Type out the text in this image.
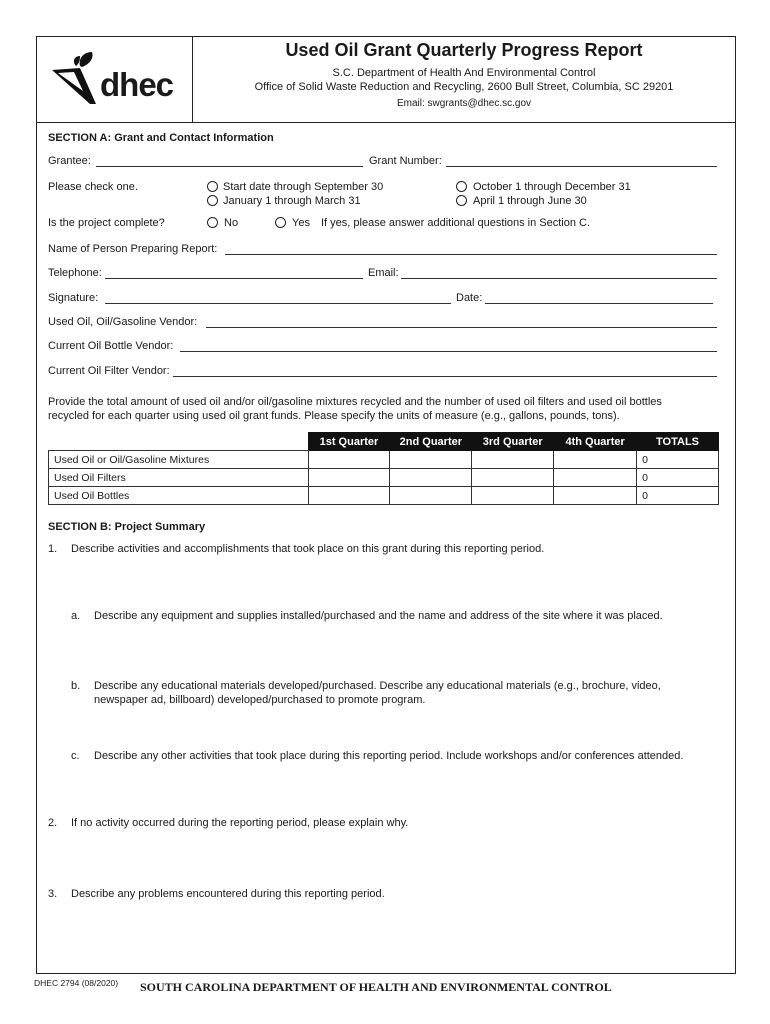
dhec
Used Oil Grant Quarterly Progress Report
S.C. Department of Health And Environmental Control
Office of Solid Waste Reduction and Recycling, 2600 Bull Street, Columbia, SC 29201
Email: swgrants@dhec.sc.gov
SECTION A: Grant and Contact Information
Grantee:	Grant Number:
Please check one.	Start date through September 30
January 1 through March 31
October 1 through December 31
April 1 through June 30
Is the project complete?	No	Yes If yes, please answer additional questions in Section C.
Name of Person Preparing Report:
Telephone:	Email:
Signature:	Date:
Used Oil, Oil/Gasoline Vendor:
Current Oil Bottle Vendor:
Current Oil Filter Vendor:
Provide the total amount of used oil and/or oil/gasoline mixtures recycled and the number of used oil filters and used oil bottles
recycled for each quarter using used oil grant funds. Please specify the units of measure (e.g., gallons, pounds, tons).
	1st Quarter	2nd Quarter	3rd Quarter	4th Quarter	TOTALS
Used Oil or Oil/Gasoline Mixtures					0
Used Oil Filters					0
Used Oil Bottles					0
SECTION B: Project Summary
1. Describe activities and accomplishments that took place on this grant during this reporting period.
a. Describe any equipment and supplies installed/purchased and the name and address of the site where it was placed.
b. Describe any educational materials developed/purchased. Describe any educational materials (e.g., brochure, video,
newspaper ad, billboard) developed/purchased to promote program.
c. Describe any other activities that took place during this reporting period. Include workshops and/or conferences attended.
2. If no activity occurred during the reporting period, please explain why.
3. Describe any problems encountered during this reporting period.
DHEC 2794 (08/2020) SOUTH CAROLINA DEPARTMENT OF HEALTH AND ENVIRONMENTAL CONTROL
